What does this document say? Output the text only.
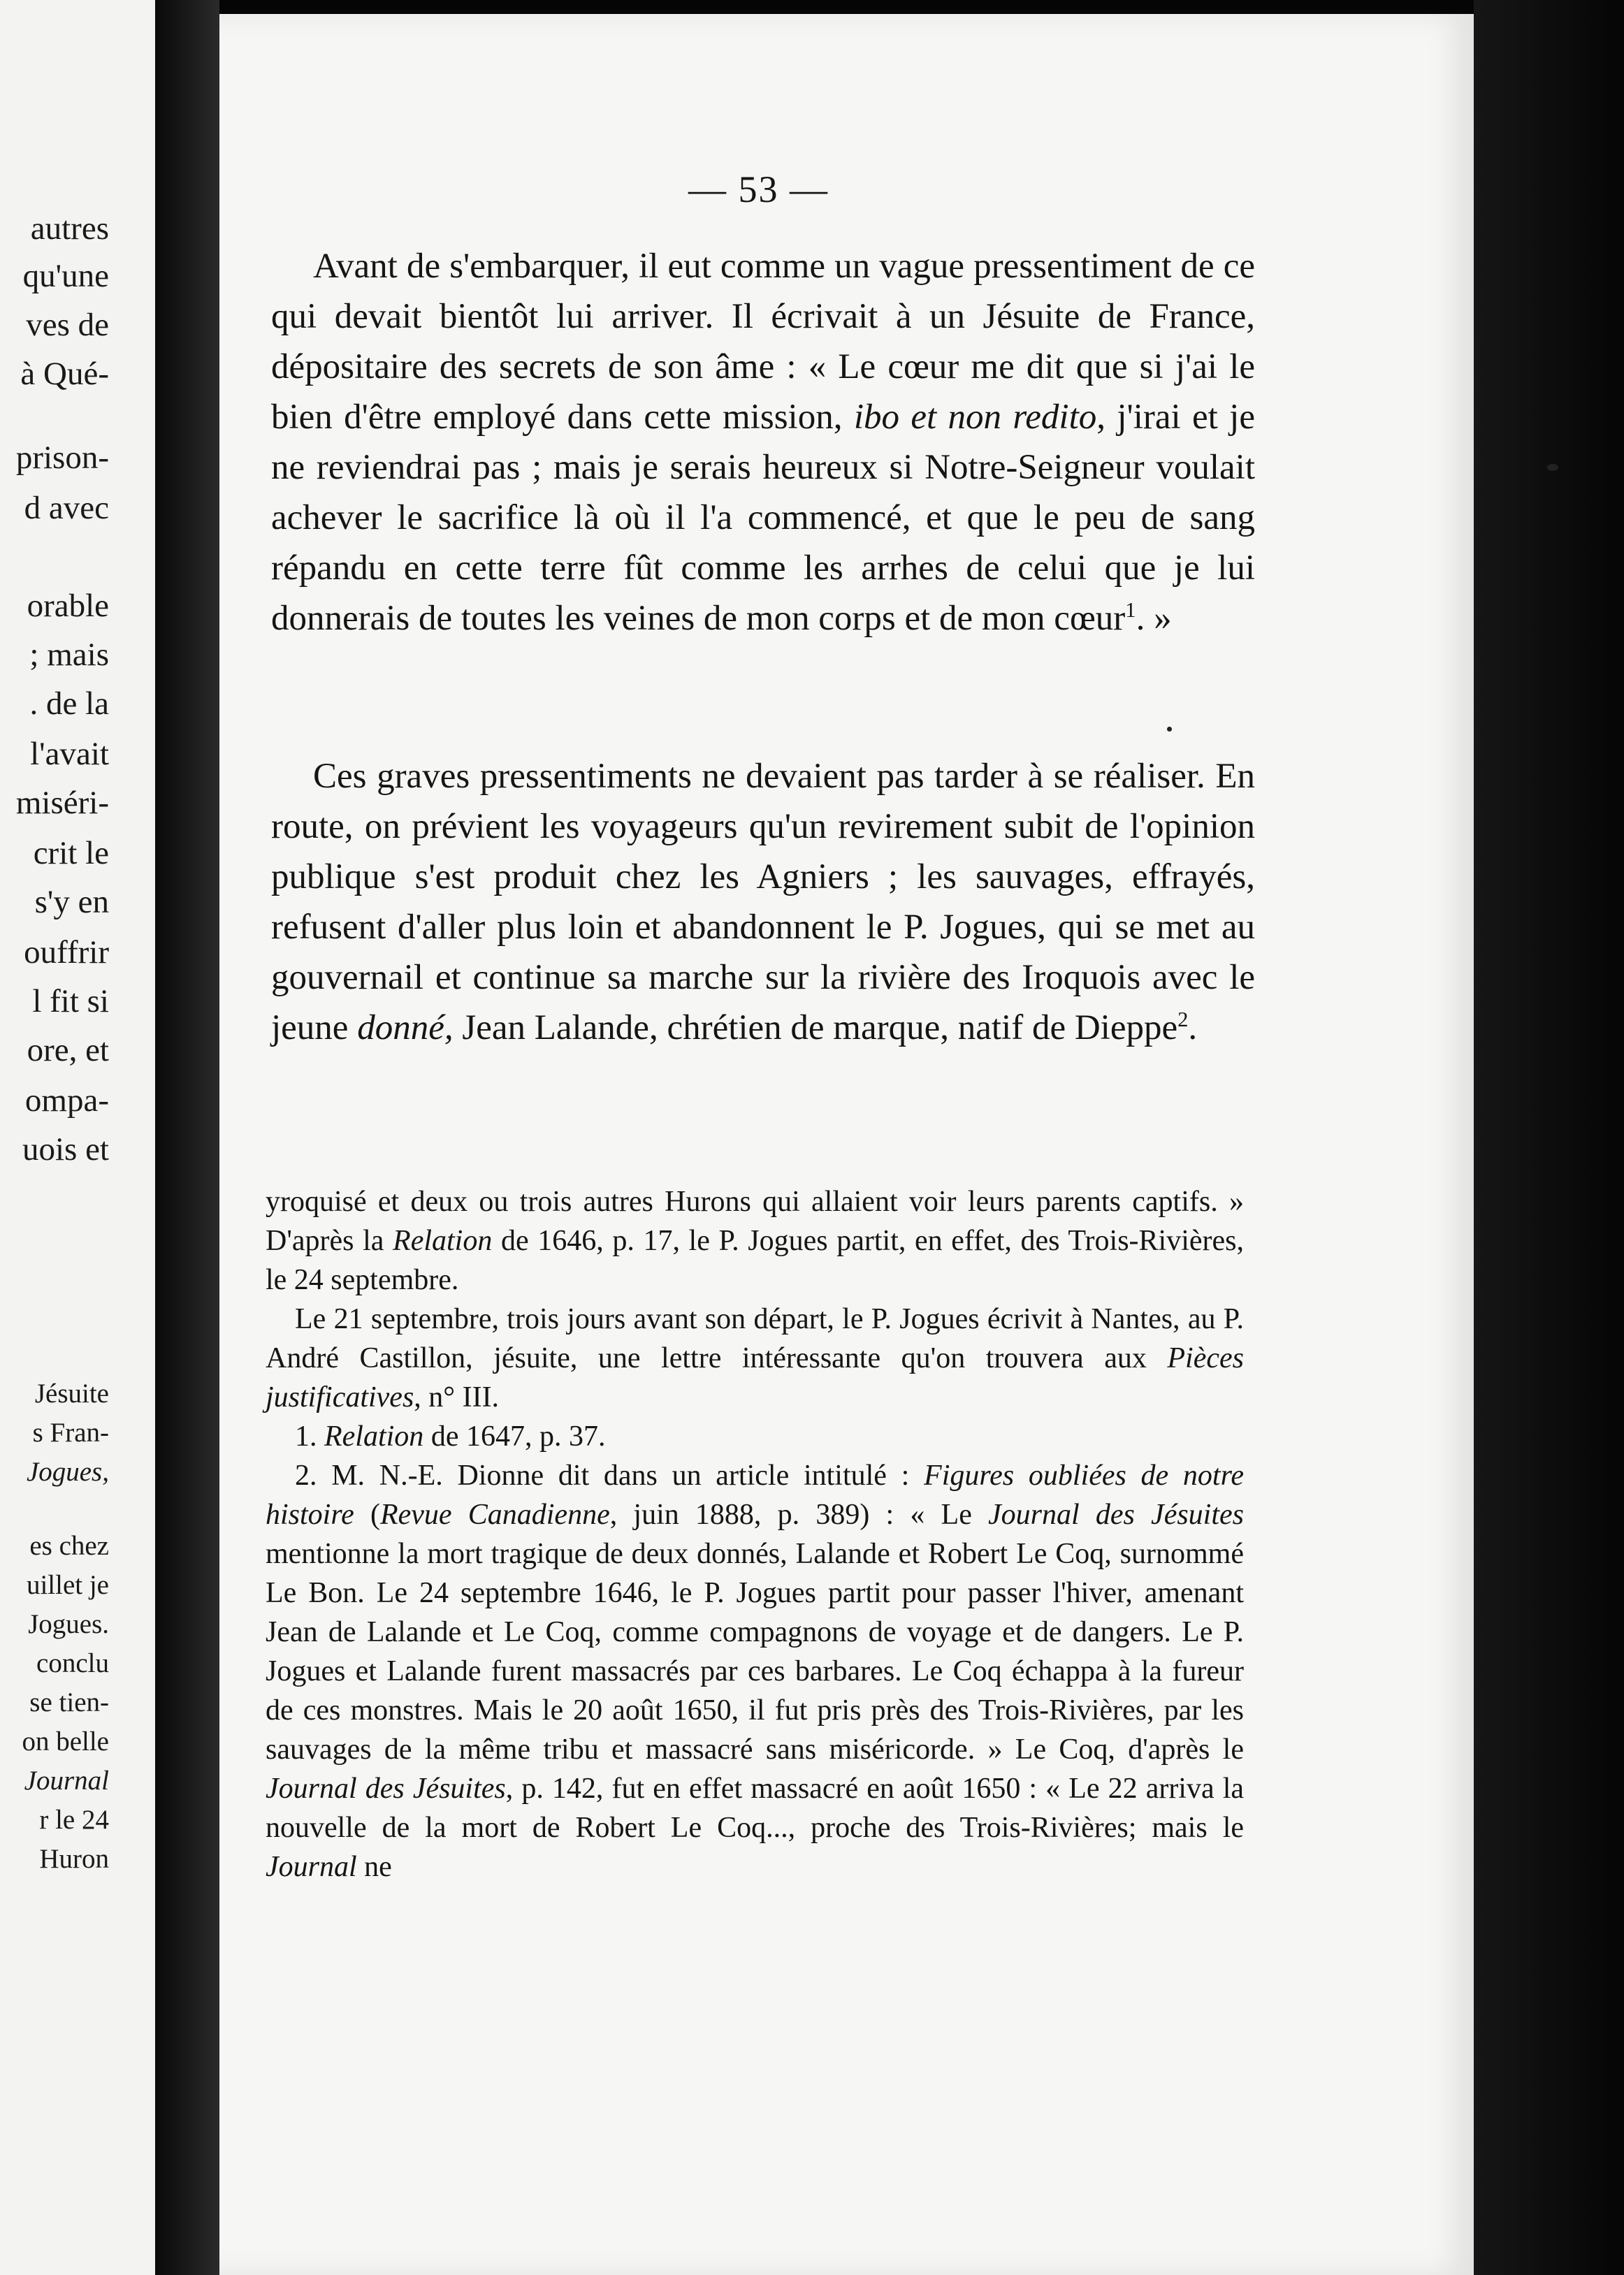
autres
qu'une
ves de
à Qué-
prison-
d avec
orable
; mais
. de la
l'avait
miséri-
crit le
s'y en
ouffrir
l fit si
ore, et
ompa-
uois et
Jésuite
s Fran-
Jogues,
es chez
uillet je
Jogues.
conclu
se tien-
on belle
Journal
r le 24
Huron
— 53 —

Avant de s'embarquer, il eut comme un vague pressentiment de ce qui devait bientôt lui arriver. Il écrivait à un Jésuite de France, dépositaire des secrets de son âme : « Le cœur me dit que si j'ai le bien d'être employé dans cette mission, ibo et non redito, j'irai et je ne reviendrai pas ; mais je serais heureux si Notre-Seigneur voulait achever le sacrifice là où il l'a commencé, et que le peu de sang répandu en cette terre fût comme les arrhes de celui que je lui donnerais de toutes les veines de mon corps et de mon cœur$^1$. »

Ces graves pressentiments ne devaient pas tarder à se réaliser. En route, on prévient les voyageurs qu'un revirement subit de l'opinion publique s'est produit chez les Agniers ; les sauvages, effrayés, refusent d'aller plus loin et abandonnent le P. Jogues, qui se met au gouvernail et continue sa marche sur la rivière des Iroquois avec le jeune donné, Jean Lalande, chrétien de marque, natif de Dieppe$^2$.

yroquisé et deux ou trois autres Hurons qui allaient voir leurs parents captifs. » D'après la Relation de 1646, p. 17, le P. Jogues partit, en effet, des Trois-Rivières, le 24 septembre.

Le 21 septembre, trois jours avant son départ, le P. Jogues écrivit à Nantes, au P. André Castillon, jésuite, une lettre intéressante qu'on trouvera aux Pièces justificatives, n° III.

1. Relation de 1647, p. 37.

2. M. N.-E. Dionne dit dans un article intitulé : Figures oubliées de notre histoire (Revue Canadienne, juin 1888, p. 389) : « Le Journal des Jésuites mentionne la mort tragique de deux donnés, Lalande et Robert Le Coq, surnommé Le Bon. Le 24 septembre 1646, le P. Jogues partit pour passer l'hiver, amenant Jean de Lalande et Le Coq, comme compagnons de voyage et de dangers. Le P. Jogues et Lalande furent massacrés par ces barbares. Le Coq échappa à la fureur de ces monstres. Mais le 20 août 1650, il fut pris près des Trois-Rivières, par les sauvages de la même tribu et massacré sans miséricorde. » Le Coq, d'après le Journal des Jésuites, p. 142, fut en effet massacré en août 1650 : « Le 22 arriva la nouvelle de la mort de Robert Le Coq..., proche des Trois-Rivières; mais le Journal ne
